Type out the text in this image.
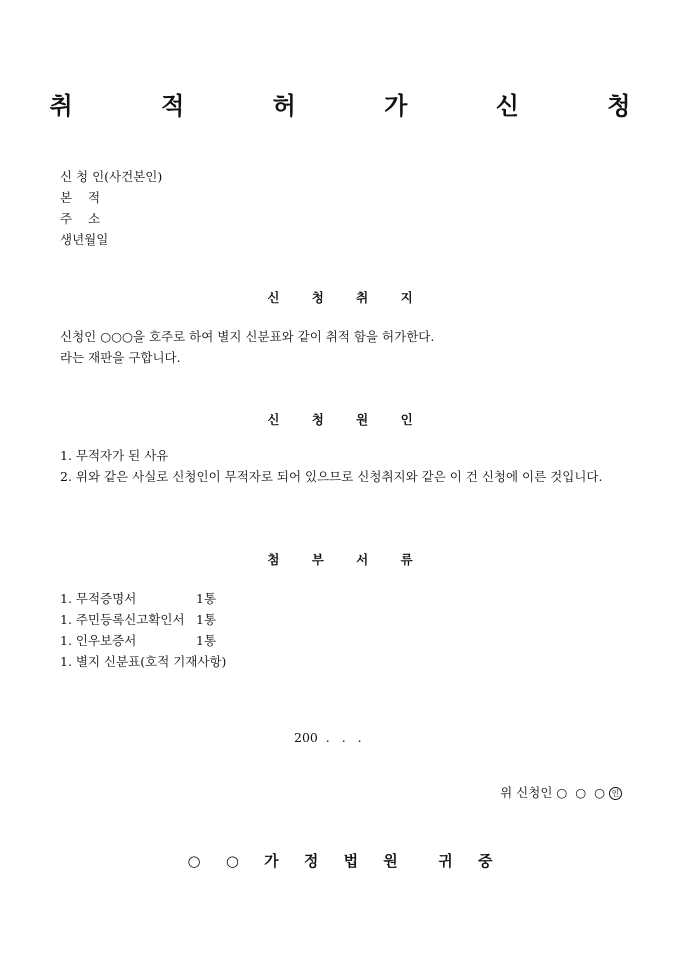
취 적 허 가 신 청
신 청 인(사건본인)
본    적
주    소
생년월일
신 청 취 지
신청인 ○○○을 호주로 하여 별지 신분표와 같이 취적 함을 허가한다.
라는 재판을 구합니다.
신 청 원 인
1. 무적자가 된 사유
2. 위와 같은 사실로 신청인이 무적자로 되어 있으므로 신청취지와 같은 이 건 신청에 이른 것입니다.
첨 부 서 류
1. 무적증명서	1통
1. 주민등록신고확인서 1통
1. 인우보증서	1통
1. 별지 신분표(호적 기재사항)
200  .   .   .

위 신청인 ○  ○  ○ 인

○ ○ 가 정 법 원  귀 중
